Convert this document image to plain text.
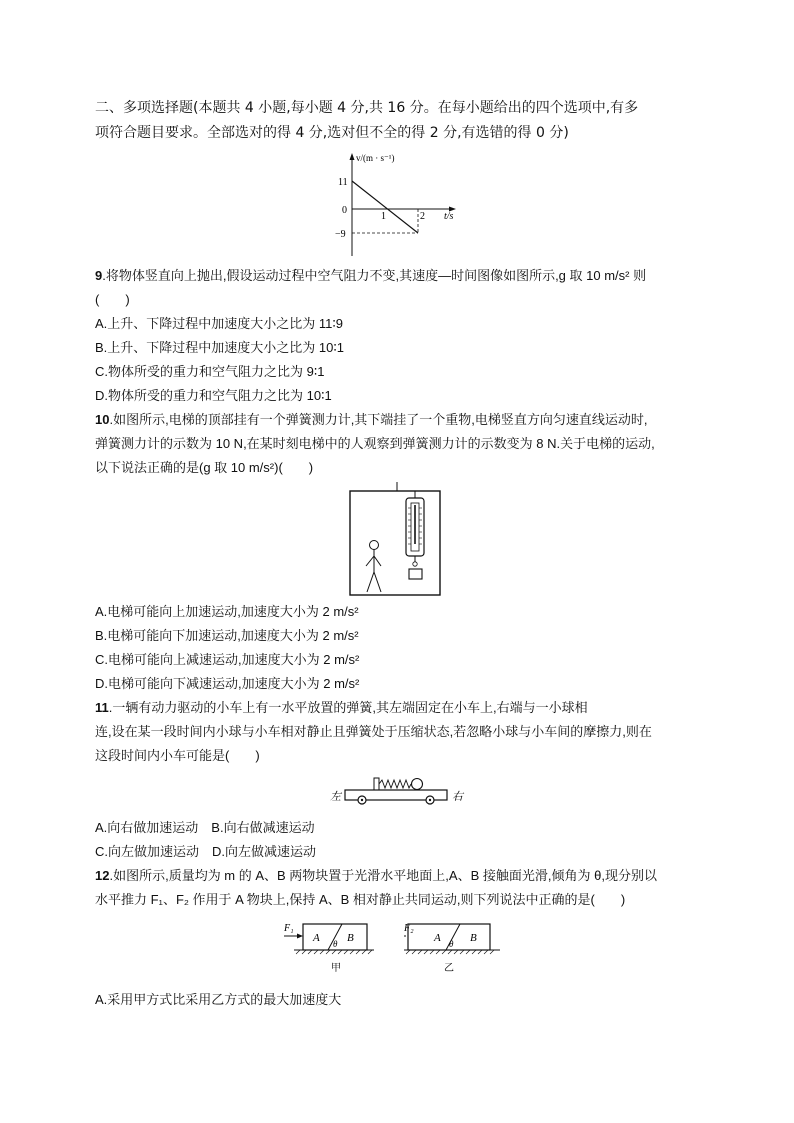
二、多项选择题(本题共 4 小题,每小题 4 分,共 16 分。在每小题给出的四个选项中,有多
项符合题目要求。全部选对的得 4 分,选对但不全的得 2 分,有选错的得 0 分)
v/(m · s⁻¹)
11
0
−9
1	2 t/s
9.将物体竖直向上抛出,假设运动过程中空气阻力不变,其速度—时间图像如图所示,g 取 10 m/s² 则
(　　)
A.上升、下降过程中加速度大小之比为 11∶9
B.上升、下降过程中加速度大小之比为 10∶1
C.物体所受的重力和空气阻力之比为 9∶1
D.物体所受的重力和空气阻力之比为 10∶1
10.如图所示,电梯的顶部挂有一个弹簧测力计,其下端挂了一个重物,电梯竖直方向匀速直线运动时,
弹簧测力计的示数为 10 N,在某时刻电梯中的人观察到弹簧测力计的示数变为 8 N.关于电梯的运动,
以下说法正确的是(g 取 10 m/s²)(　　)
A.电梯可能向上加速运动,加速度大小为 2 m/s²
B.电梯可能向下加速运动,加速度大小为 2 m/s²
C.电梯可能向上减速运动,加速度大小为 2 m/s²
D.电梯可能向下减速运动,加速度大小为 2 m/s²
11.一辆有动力驱动的小车上有一水平放置的弹簧,其左端固定在小车上,右端与一小球相
连,设在某一段时间内小球与小车相对静止且弹簧处于压缩状态,若忽略小球与小车间的摩擦力,则在
这段时间内小车可能是(　　)
左	右
A.向右做加速运动　B.向右做减速运动
C.向左做加速运动　D.向左做减速运动
12.如图所示,质量均为 m 的 A、B 两物块置于光滑水平地面上,A、B 接触面光滑,倾角为 θ,现分别以
水平推力 F₁、F₂ 作用于 A 物块上,保持 A、B 相对静止共同运动,则下列说法中正确的是(　　)
F₁
A B
θ
甲
F₂
A	B
θ
乙
A.采用甲方式比采用乙方式的最大加速度大
